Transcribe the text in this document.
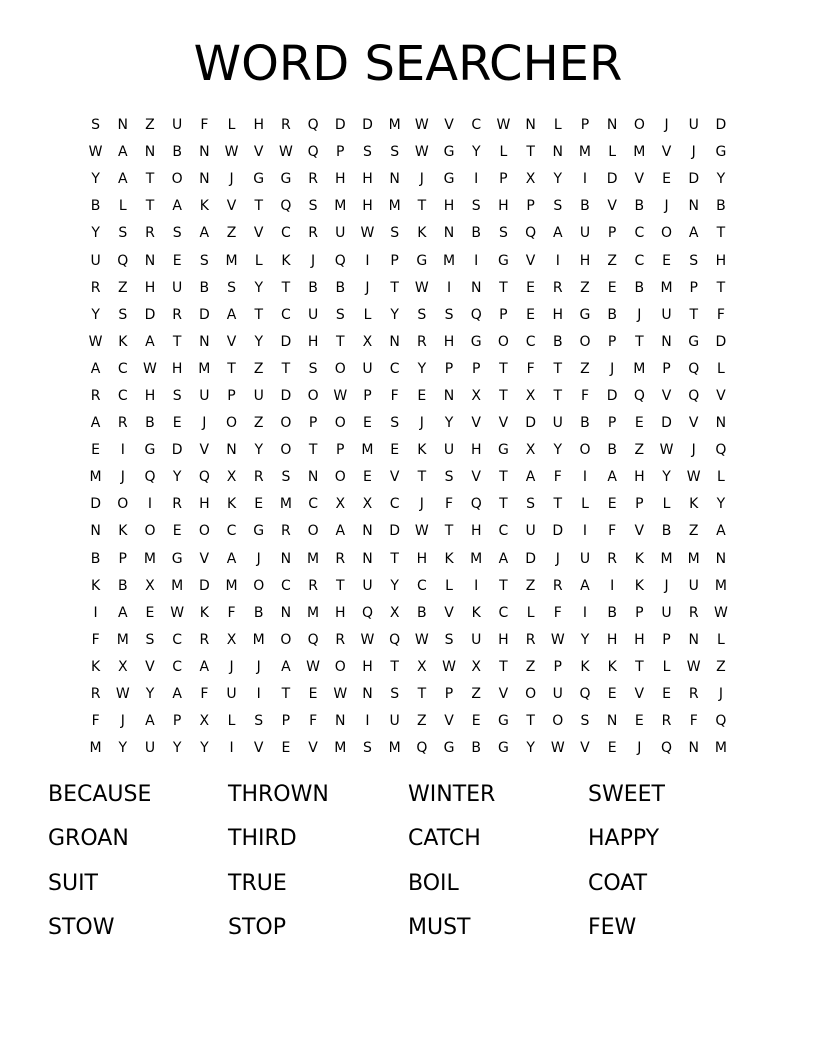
WORD SEARCHER
S	N	Z	U	F	L	H	R	Q	D	D	M	W	V	C	W	N	L	P	N	O	J	U	D
W	A	N	B	N	W	V	W	Q	P	S	S	W	G	Y	L	T	N	M	L	M	V	J	G
Y	A	T	O	N	J	G	G	R	H	H	N	J	G	I	P	X	Y	I	D	V	E	D	Y
B	L	T	A	K	V	T	Q	S	M	H	M	T	H	S	H	P	S	B	V	B	J	N	B
Y	S	R	S	A	Z	V	C	R	U	W	S	K	N	B	S	Q	A	U	P	C	O	A	T
U	Q	N	E	S	M	L	K	J	Q	I	P	G	M	I	G	V	I	H	Z	C	E	S	H
R	Z	H	U	B	S	Y	T	B	B	J	T	W	I	N	T	E	R	Z	E	B	M	P	T
Y	S	D	R	D	A	T	C	U	S	L	Y	S	S	Q	P	E	H	G	B	J	U	T	F
W	K	A	T	N	V	Y	D	H	T	X	N	R	H	G	O	C	B	O	P	T	N	G	D
A	C	W	H	M	T	Z	T	S	O	U	C	Y	P	P	T	F	T	Z	J	M	P	Q	L
R	C	H	S	U	P	U	D	O	W	P	F	E	N	X	T	X	T	F	D	Q	V	Q	V
A	R	B	E	J	O	Z	O	P	O	E	S	J	Y	V	V	D	U	B	P	E	D	V	N
E	I	G	D	V	N	Y	O	T	P	M	E	K	U	H	G	X	Y	O	B	Z	W	J	Q
M	J	Q	Y	Q	X	R	S	N	O	E	V	T	S	V	T	A	F	I	A	H	Y	W	L
D	O	I	R	H	K	E	M	C	X	X	C	J	F	Q	T	S	T	L	E	P	L	K	Y
N	K	O	E	O	C	G	R	O	A	N	D	W	T	H	C	U	D	I	F	V	B	Z	A
B	P	M	G	V	A	J	N	M	R	N	T	H	K	M	A	D	J	U	R	K	M	M	N
K	B	X	M	D	M	O	C	R	T	U	Y	C	L	I	T	Z	R	A	I	K	J	U	M
I	A	E	W	K	F	B	N	M	H	Q	X	B	V	K	C	L	F	I	B	P	U	R	W
F	M	S	C	R	X	M	O	Q	R	W	Q	W	S	U	H	R	W	Y	H	H	P	N	L
K	X	V	C	A	J	J	A	W	O	H	T	X	W	X	T	Z	P	K	K	T	L	W	Z
R	W	Y	A	F	U	I	T	E	W	N	S	T	P	Z	V	O	U	Q	E	V	E	R	J
F	J	A	P	X	L	S	P	F	N	I	U	Z	V	E	G	T	O	S	N	E	R	F	Q
M	Y	U	Y	Y	I	V	E	V	M	S	M	Q	G	B	G	Y	W	V	E	J	Q	N	M
BECAUSE	THROWN	WINTER	SWEET
GROAN	THIRD	CATCH	HAPPY
SUIT	TRUE	BOIL	COAT
STOW	STOP	MUST	FEW
